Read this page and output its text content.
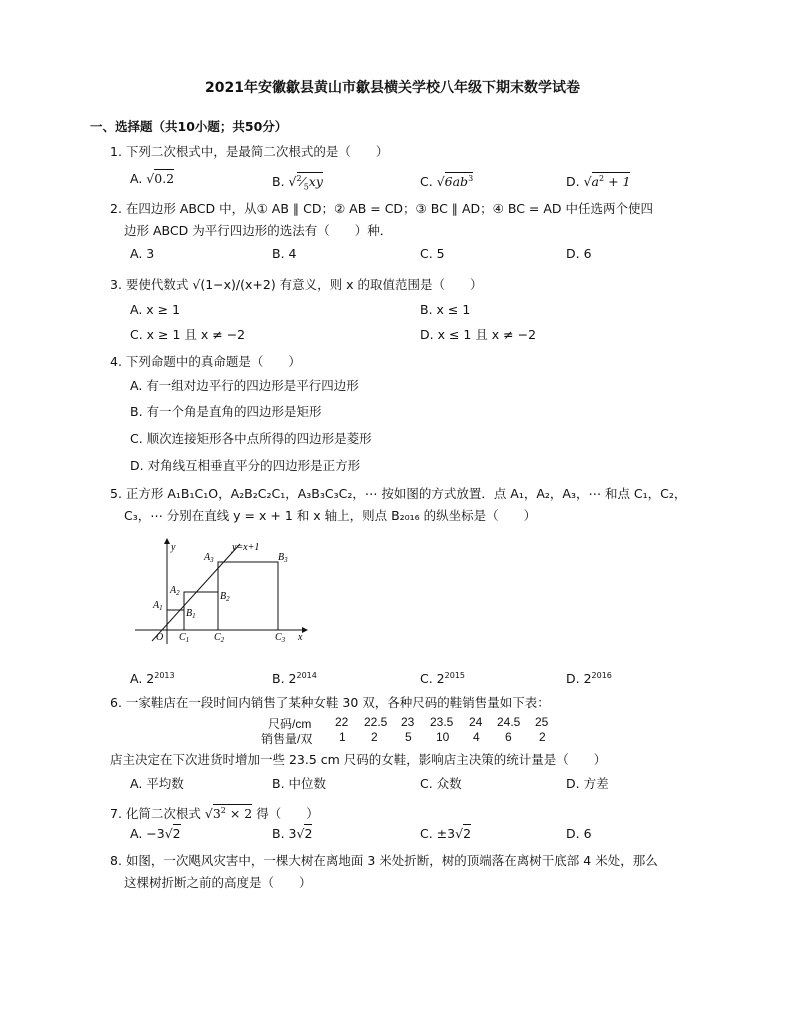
2021年安徽歙县黄山市歙县横关学校八年级下期末数学试卷
一、选择题（共10小题；共50分）
1. 下列二次根式中，是最简二次根式的是（　　）
A. √0.2	B. $√^2⁄_5xy$	C. $√6ab^3$	D. $√a^2 + 1$
2. 在四边形 ABCD 中，从① AB ∥ CD；② AB = CD；③ BC ∥ AD；④ BC = AD 中任选两个使四
边形 ABCD 为平行四边形的选法有（　　）种．
A. 3	B. 4	C. 5	D. 6
3. 要使代数式 √(1−x)/(x+2) 有意义，则 x 的取值范围是（　　）
A. x ≥ 1	B. x ≤ 1
C. x ≥ 1 且 x ≠ −2	D. x ≤ 1 且 x ≠ −2
4. 下列命题中的真命题是（　　）
A. 有一组对边平行的四边形是平行四边形
B. 有一个角是直角的四边形是矩形
C. 顺次连接矩形各中点所得的四边形是菱形
D. 对角线互相垂直平分的四边形是正方形
5. 正方形 A₁B₁C₁O，A₂B₂C₂C₁，A₃B₃C₃C₂，⋯ 按如图的方式放置．点 A₁，A₂，A₃，⋯ 和点 C₁，C₂，
C₃，⋯ 分别在直线 y = x + 1 和 x 轴上，则点 B₂₀₁₆ 的纵坐标是（　　）
y
x
O
y=x+1
$A_1$
$A_2$
$A_3$
$B_1$
$B_2$
$B_3$
$C_1$ $C_2$	$C_3$
A. $2^{2013}$	B. $2^{2014}$	C. $2^{2015}$	D. $2^{2016}$
6. 一家鞋店在一段时间内销售了某种女鞋 30 双，各种尺码的鞋销售量如下表：
尺码/cm 22 22.5 23 23.5 24 24.5 25
销售量/双 1 2 5 10 4 6 2
店主决定在下次进货时增加一些 23.5 cm 尺码的女鞋，影响店主决策的统计量是（　　）
A. 平均数	B. 中位数	C. 众数	D. 方差
7. 化简二次根式 $√3^2 \times 2$ 得（　　）
A. −3√2	B. 3√2	C. ±3√2	D. 6
8. 如图，一次飓风灾害中，一棵大树在离地面 3 米处折断，树的顶端落在离树干底部 4 米处，那么
这棵树折断之前的高度是（　　）
